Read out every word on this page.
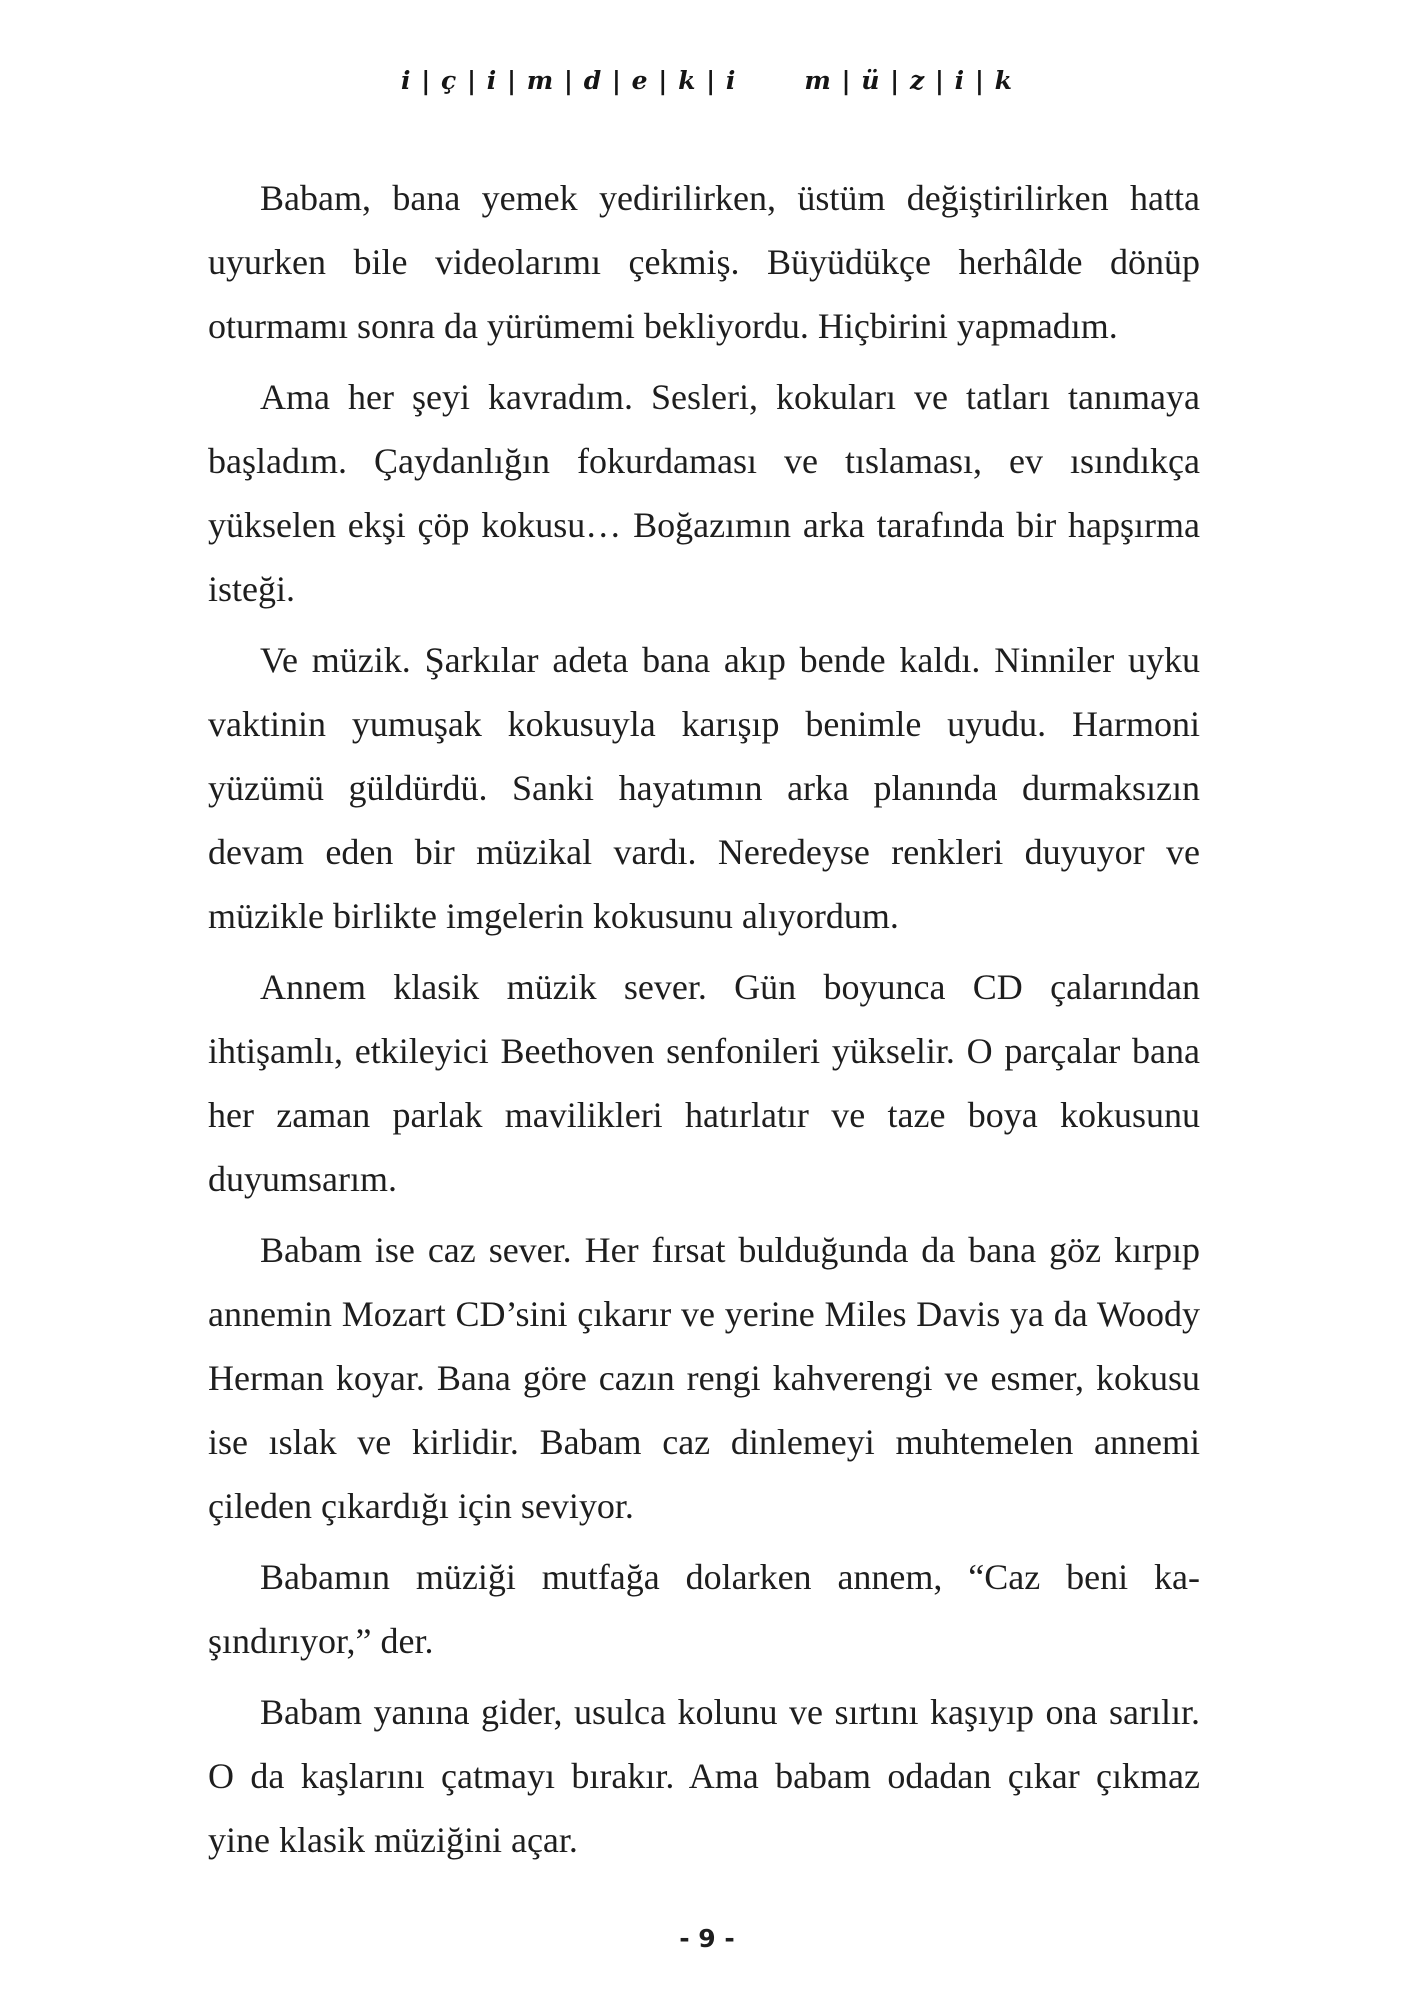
i | ç | i | m | d | e | k | i       m | ü | z | i | k

Babam, bana yemek yedirilirken, üstüm değiştirilirken hatta uyurken bile videolarımı çekmiş. Büyüdükçe herhâlde dönüp oturmamı sonra da yürümemi bekliyordu. Hiçbirini yapmadım.

Ama her şeyi kavradım. Sesleri, kokuları ve tatları tanımaya başladım. Çaydanlığın fokurdaması ve tıslaması, ev ısındıkça yükselen ekşi çöp kokusu… Boğazımın arka tarafında bir hapşırma isteği.

Ve müzik. Şarkılar adeta bana akıp bende kaldı. Ninniler uyku vaktinin yumuşak kokusuyla karışıp benimle uyudu. Harmoni yüzümü güldürdü. Sanki hayatımın arka planında durmaksızın devam eden bir müzikal vardı. Neredeyse renkleri duyuyor ve müzikle birlikte imgelerin kokusunu alıyordum.

Annem klasik müzik sever. Gün boyunca CD çalarından ihtişamlı, etkileyici Beethoven senfonileri yükselir. O parçalar bana her zaman parlak mavilikleri hatırlatır ve taze boya kokusunu duyumsarım.

Babam ise caz sever. Her fırsat bulduğunda da bana göz kırpıp annemin Mozart CD’sini çıkarır ve yerine Miles Davis ya da Woody Herman koyar. Bana göre cazın rengi kahverengi ve esmer, kokusu ise ıslak ve kirlidir. Babam caz dinlemeyi muhtemelen annemi çileden çıkardığı için seviyor.

Babamın müziği mutfağa dolarken annem, “Caz beni kaşındırıyor,” der.

Babam yanına gider, usulca kolunu ve sırtını kaşıyıp ona sarılır. O da kaşlarını çatmayı bırakır. Ama babam odadan çıkar çıkmaz yine klasik müziğini açar.

- 9 -
